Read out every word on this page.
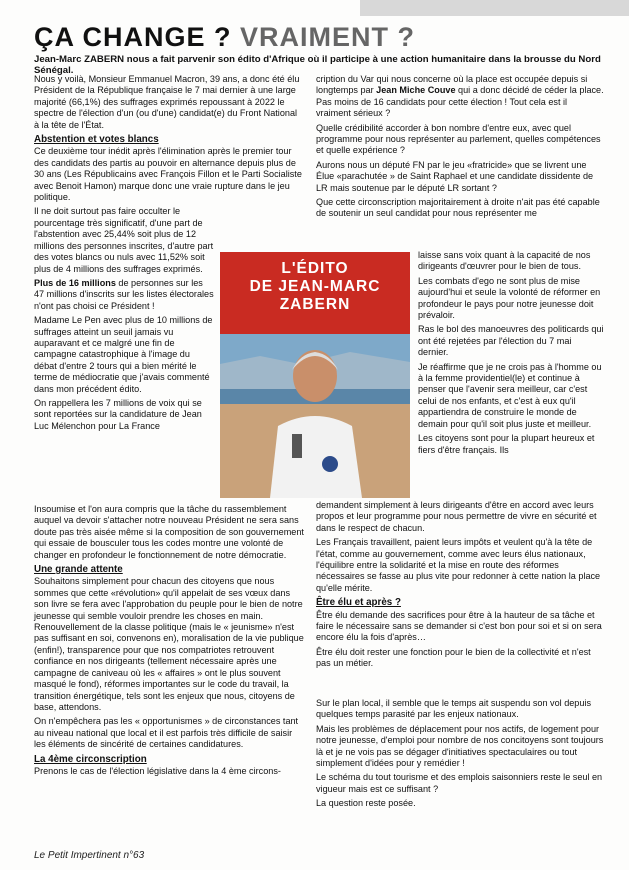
ÇA CHANGE ? VRAIMENT ?
Jean-Marc ZABERN nous a fait parvenir son édito d'Afrique où il participe à une action humanitaire dans la brousse du Nord Sénégal.

Nous y voilà, Monsieur Emmanuel Macron, 39 ans, a donc été élu Président de la République française le 7 mai dernier à une large majorité (66,1%) des suffrages exprimés repoussant à 2022 le spectre de l'élection d'un (ou d'une) candidat(e) du Front National à la tête de l'État.

Abstention et votes blancs

Ce deuxième tour inédit après l'élimination après le premier tour des candidats des partis au pouvoir en alternance depuis plus de 30 ans (Les Républicains avec François Fillon et le Parti Socialiste avec Benoit Hamon) marque donc une vraie rupture dans le jeu politique.

Il ne doit surtout pas faire occulter le pourcentage très significatif, d'une part de l'abstention avec 25,44% soit plus de 12 millions des personnes inscrites, d'autre part des votes blancs ou nuls avec 11,52% soit plus de 4 millions des suffrages exprimés.

Plus de 16 millions de personnes sur les 47 millions d'inscrits sur les listes électorales n'ont pas choisi ce Président !

Madame Le Pen avec plus de 10 millions de suffrages atteint un seuil jamais vu auparavant et ce malgré une fin de campagne catastrophique à l'image du débat d'entre 2 tours qui a bien mérité le terme de médiocratie que j'avais commenté dans mon précédent édito.

On rappellera les 7 millions de voix qui se sont reportées sur la candidature de Jean Luc Mélenchon pour La France

L'ÉDITO
DE JEAN-MARC
ZABERN

Insoumise et l'on aura compris que la tâche du rassemblement auquel va devoir s'attacher notre nouveau Président ne sera sans doute pas très aisée même si la composition de son gouvernement qui essaie de bousculer tous les codes montre une volonté de changer en profondeur le fonctionnement de notre démocratie.

Une grande attente

Souhaitons simplement pour chacun des citoyens que nous sommes que cette «révolution» qu'il appelait de ses vœux dans son livre se fera avec l'approbation du peuple pour le bien de notre jeunesse qui semble vouloir prendre les choses en main. Renouvellement de la classe politique (mais le « jeunisme» n'est pas suffisant en soi, convenons en), moralisation de la vie publique (enfin!), transparence pour que nos compatriotes retrouvent confiance en nos dirigeants (tellement nécessaire après une campagne de caniveau où les « affaires » ont le plus souvent masqué le fond), réformes importantes sur le code du travail, la transition énergétique, tels sont les enjeux que nous, citoyens de base, attendons.

On n'empêchera pas les « opportunismes » de circonstances tant au niveau national que local et il est parfois très difficile de saisir les éléments de sincérité de certaines candidatures.

La 4ème circonscription

Prenons le cas de l'élection législative dans la 4 ème circons-

cription du Var qui nous concerne où la place est occupée depuis si longtemps par Jean Miche Couve qui a donc décidé de céder la place. Pas moins de 16 candidats pour cette élection ! Tout cela est il vraiment sérieux ?

Quelle crédibilité accorder à bon nombre d'entre eux, avec quel programme pour nous représenter au parlement, quelles compétences et quelle expérience ?

Aurons nous un député FN par le jeu «fratricide» que se livrent une Élue «parachutée » de Saint Raphael et une candidate dissidente de LR mais soutenue par le député LR sortant ?

Que cette circonscription majoritairement à droite n'ait pas été capable de soutenir un seul candidat pour nous représenter me

laisse sans voix quant à la capacité de nos dirigeants d'œuvrer pour le bien de tous.

Les combats d'ego ne sont plus de mise aujourd'hui et seule la volonté de réformer en profondeur le pays pour notre jeunesse doit prévaloir.

Ras le bol des manoeuvres des politicards qui ont été rejetées par l'élection du 7 mai dernier.

Je réaffirme que je ne crois pas à l'homme ou à la femme providentiel(le) et continue à penser que l'avenir sera meilleur, car c'est celui de nos enfants, et c'est à eux qu'il appartiendra de construire le monde de demain pour qu'il soit plus juste et meilleur.

Les citoyens sont pour la plupart heureux et fiers d'être français. Ils

demandent simplement à leurs dirigeants d'être en accord avec leurs propos et leur programme pour nous permettre de vivre en sécurité et dans le respect de chacun.

Les Français travaillent, paient leurs impôts et veulent qu'à la tête de l'état, comme au gouvernement, comme avec leurs élus nationaux, l'équilibre entre la solidarité et la mise en route des réformes nécessaires se fasse au plus vite pour redonner à cette nation la place qu'elle mérite.

Être élu et après ?

Être élu demande des sacrifices pour être à la hauteur de sa tâche et faire le nécessaire sans se demander si c'est bon pour soi et si on sera encore élu la fois d'après…

Être élu doit rester une fonction pour le bien de la collectivité et n'est pas un métier.

Sur le plan local, il semble que le temps ait suspendu son vol depuis quelques temps parasité par les enjeux nationaux.

Mais les problèmes de déplacement pour nos actifs, de logement pour notre jeunesse, d'emploi pour nombre de nos concitoyens sont toujours là et je ne vois pas se dégager d'initiatives spectaculaires ou tout simplement d'idées pour y remédier !

Le schéma du tout tourisme et des emplois saisonniers reste le seul en vigueur mais est ce suffisant ?

La question reste posée.

Le Petit Impertinent n°63
